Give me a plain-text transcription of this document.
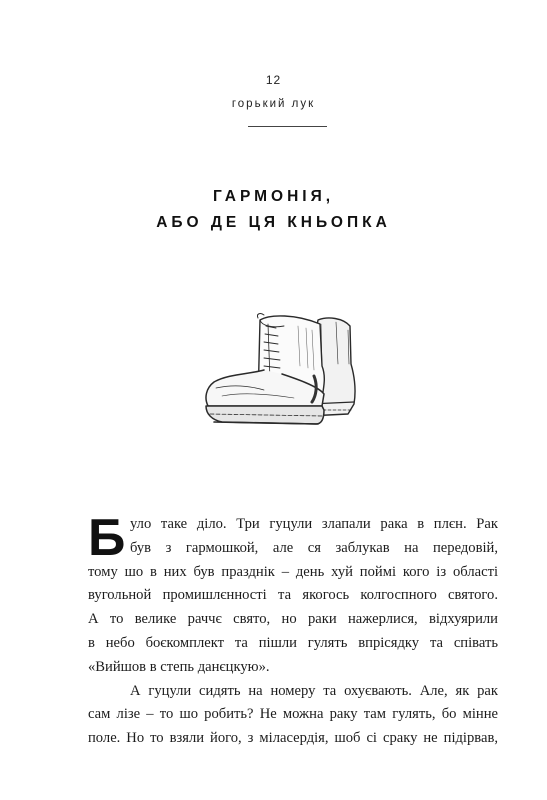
12
горький лук
ГАРМОНІЯ,
АБО ДЕ ЦЯ КНЬОПКА
Б уло таке діло. Три гуцули злапали рака в плєн. Рак
був з гармошкой, але ся заблукав на передовій,
тому шо в них був празднік – день хуй поймі кого із області
вугольной промишлєнності та якогось колгоспного святого.
А то велике раччє свято, но раки нажерлися, відхуярили
в небо боєкомплект та пішли гулять впрісядку та співать
«Вийшов в степь данєцкую».
А гуцули сидять на номеру та охуєвають. Але, як рак
сам лізе – то шо робить? Не можна раку там гулять, бо мінне
поле. Но то взяли його, з міласердія, шоб сі сраку не підірвав,
